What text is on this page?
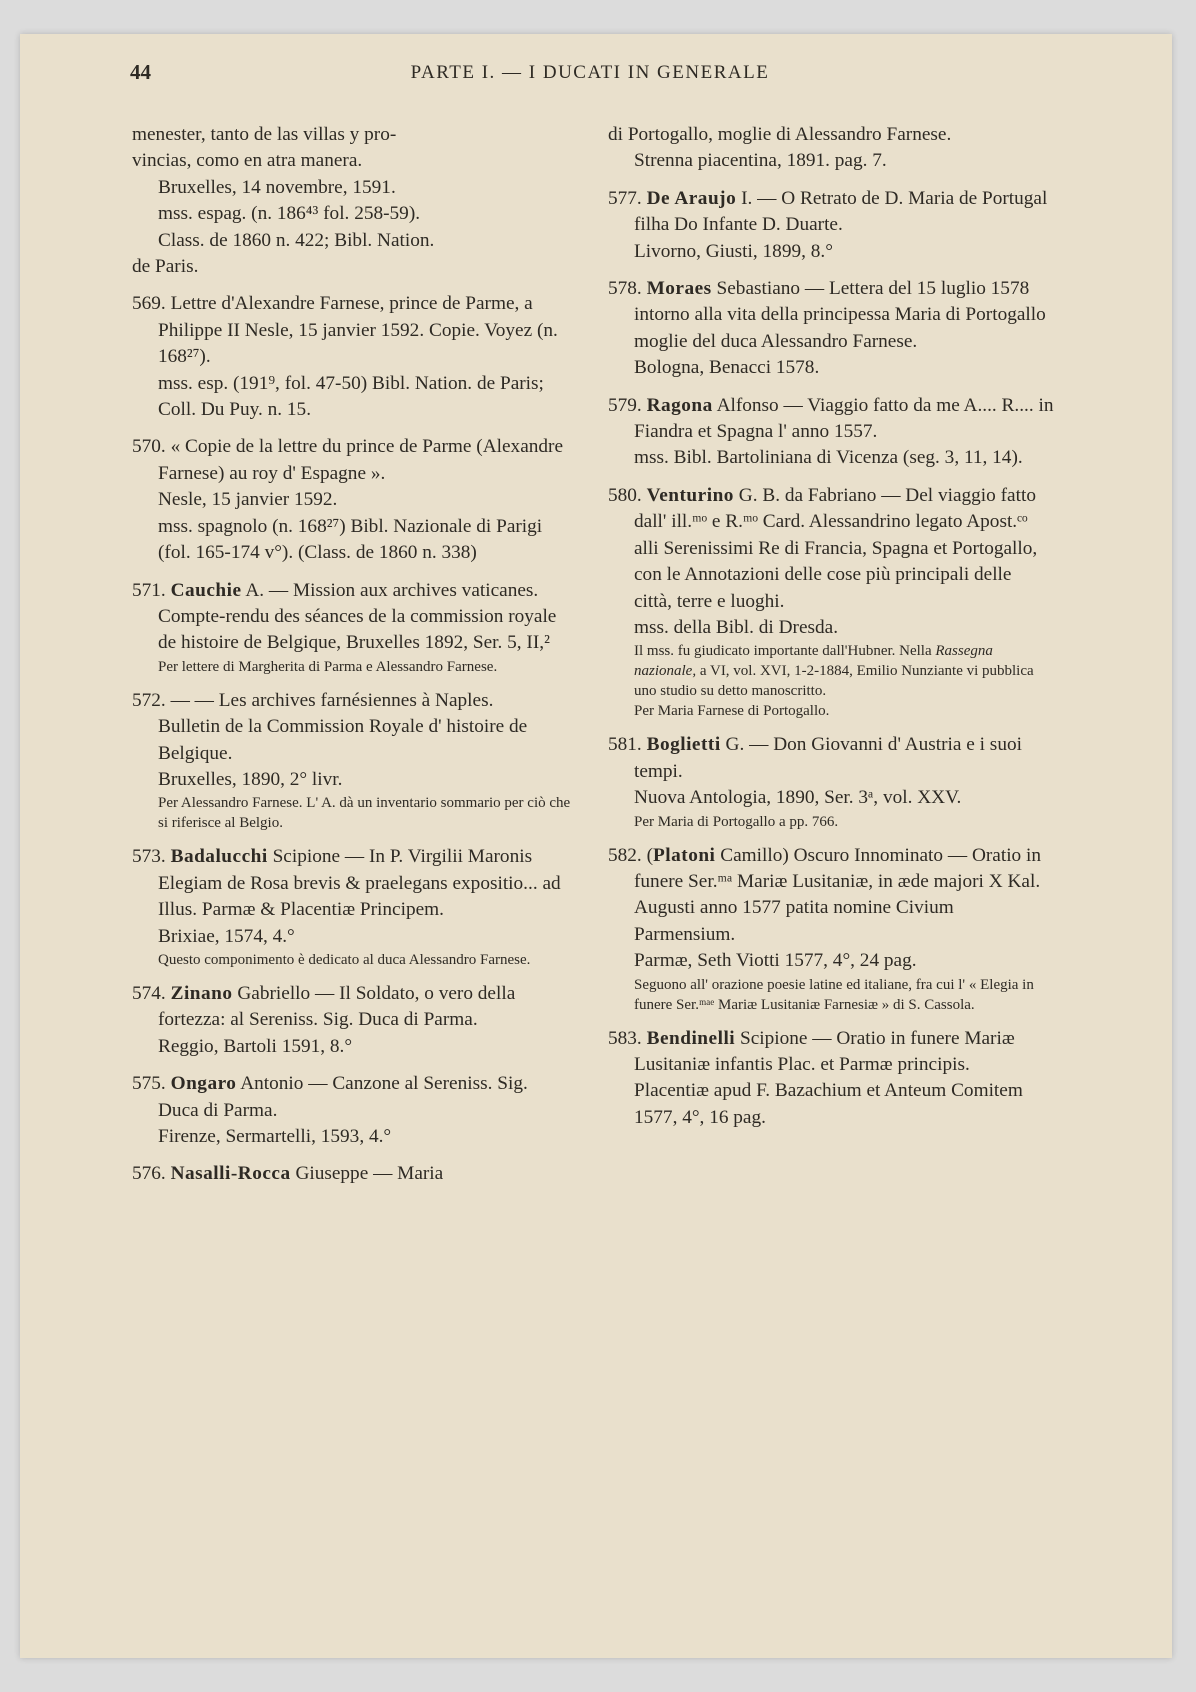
44	PARTE I. — I DUCATI IN GENERALE

menester, tanto de las villas y pro-

vincias, como en atra manera.

Bruxelles, 14 novembre, 1591.

mss. espag. (n. 186⁴³ fol. 258-59).

Class. de 1860 n. 422; Bibl. Nation.

de Paris.

569. Lettre d'Alexandre Farnese, prince de Parme, a Philippe II Nesle, 15 janvier 1592. Copie. Voyez (n. 168²⁷).

mss. esp. (191⁹, fol. 47-50) Bibl. Nation. de Paris; Coll. Du Puy. n. 15.

570. « Copie de la lettre du prince de Parme (Alexandre Farnese) au roy d' Espagne ».

Nesle, 15 janvier 1592.

mss. spagnolo (n. 168²⁷) Bibl. Nazionale di Parigi (fol. 165-174 v°). (Class. de 1860 n. 338)

571. Cauchie A. — Mission aux archives vaticanes.

Compte-rendu des séances de la commission royale de histoire de Belgique, Bruxelles 1892, Ser. 5, II,²

Per lettere di Margherita di Parma e Alessandro Farnese.

572. — — Les archives farnésiennes à Naples.

Bulletin de la Commission Royale d' histoire de Belgique.

Bruxelles, 1890, 2° livr.

Per Alessandro Farnese. L' A. dà un inventario sommario per ciò che si riferisce al Belgio.

573. Badalucchi Scipione — In P. Virgilii Maronis Elegiam de Rosa brevis & praelegans expositio... ad Illus. Parmæ & Placentiæ Principem.

Brixiae, 1574, 4.°

Questo componimento è dedicato al duca Alessandro Farnese.

574. Zinano Gabriello — Il Soldato, o vero della fortezza: al Sereniss. Sig. Duca di Parma.

Reggio, Bartoli 1591, 8.°

575. Ongaro Antonio — Canzone al Sereniss. Sig. Duca di Parma.

Firenze, Sermartelli, 1593, 4.°

576. Nasalli-Rocca Giuseppe — Maria

di Portogallo, moglie di Alessandro Farnese.

Strenna piacentina, 1891. pag. 7.

577. De Araujo I. — O Retrato de D. Maria de Portugal filha Do Infante D. Duarte.

Livorno, Giusti, 1899, 8.°

578. Moraes Sebastiano — Lettera del 15 luglio 1578 intorno alla vita della principessa Maria di Portogallo moglie del duca Alessandro Farnese.

Bologna, Benacci 1578.

579. Ragona Alfonso — Viaggio fatto da me A.... R.... in Fiandra et Spagna l' anno 1557.

mss. Bibl. Bartoliniana di Vicenza (seg. 3, 11, 14).

580. Venturino G. B. da Fabriano — Del viaggio fatto dall' ill.ᵐᵒ e R.ᵐᵒ Card. Alessandrino legato Apost.ᶜᵒ alli Serenissimi Re di Francia, Spagna et Portogallo, con le Annotazioni delle cose più principali delle città, terre e luoghi.

mss. della Bibl. di Dresda.

Il mss. fu giudicato importante dall'Hubner. Nella Rassegna nazionale, a VI, vol. XVI, 1-2-1884, Emilio Nunziante vi pubblica uno studio su detto manoscritto.

Per Maria Farnese di Portogallo.

581. Boglietti G. — Don Giovanni d' Austria e i suoi tempi.

Nuova Antologia, 1890, Ser. 3ᵃ, vol. XXV.

Per Maria di Portogallo a pp. 766.

582. (Platoni Camillo) Oscuro Innominato — Oratio in funere Ser.ᵐᵃ Mariæ Lusitaniæ, in æde majori X Kal. Augusti anno 1577 patita nomine Civium Parmensium.

Parmæ, Seth Viotti 1577, 4°, 24 pag.

Seguono all' orazione poesie latine ed italiane, fra cui l' « Elegia in funere Ser.ᵐᵃᵉ Mariæ Lusitaniæ Farnesiæ » di S. Cassola.

583. Bendinelli Scipione — Oratio in funere Mariæ Lusitaniæ infantis Plac. et Parmæ principis.

Placentiæ apud F. Bazachium et Anteum Comitem 1577, 4°, 16 pag.
